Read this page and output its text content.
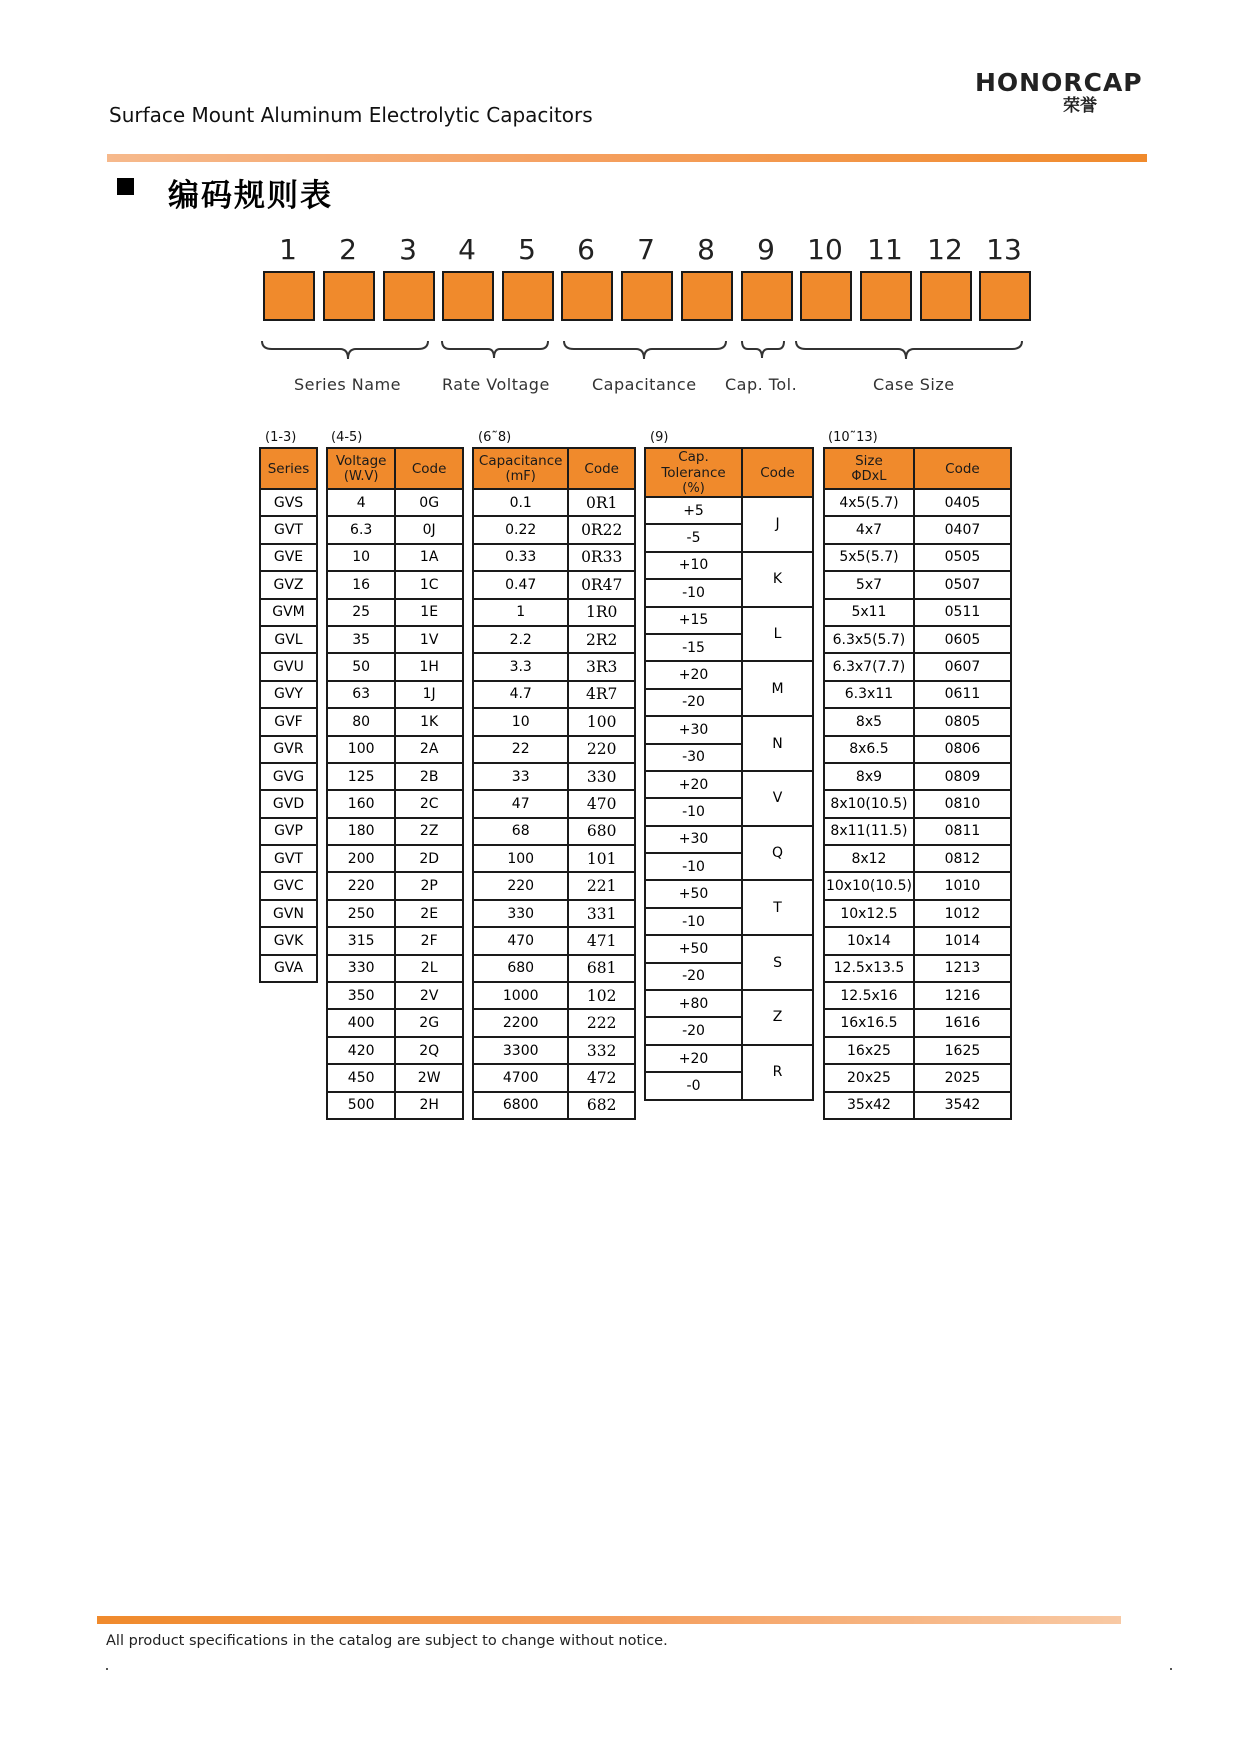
HONORCAP
荣誉
Surface Mount Aluminum Electrolytic Capacitors
编码规则表
1	2	3	4	5	6	7	8	9	10 11 12 13
Series Name	Rate Voltage	Capacitance Cap. Tol.	Case Size
(1-3)	(4-5)	(6˜8)	(9)	(10˜13)
Series
GVS
GVT
GVE
GVZ
GVM
GVL
GVU
GVY
GVF
GVR
GVG
GVD
GVP
GVT
GVC
GVN
GVK
GVA
Voltage
(W.V)	Code
4	0G
6.3	0J
10	1A
16	1C
25	1E
35	1V
50	1H
63	1J
80	1K
100	2A
125	2B
160	2C
180	2Z
200	2D
220	2P
250	2E
315	2F
330	2L
350	2V
400	2G
420	2Q
450	2W
500	2H
Capacitance
(mF)	Code
0.1	0R1
0.22	0R22
0.33	0R33
0.47	0R47
1	1R0
2.2	2R2
3.3	3R3
4.7	4R7
10	100
22	220
33	330
47	470
68	680
100	101
220	221
330	331
470	471
680	681
1000	102
2200	222
3300	332
4700	472
6800	682
Cap. Tolerance
(%)	Code
+5	J
-5	
+10	K
-10	
+15	L
-15	
+20	M
-20	
+30	N
-30	
+20	V
-10	
+30	Q
-10	
+50	T
-10	
+50	S
-20	
+80	Z
-20	
+20	R
-0	
Size
ΦDxL	Code
4x5(5.7)	0405
4x7	0407
5x5(5.7)	0505
5x7	0507
5x11	0511
6.3x5(5.7)	0605
6.3x7(7.7)	0607
6.3x11	0611
8x5	0805
8x6.5	0806
8x9	0809
8x10(10.5)	0810
8x11(11.5)	0811
8x12	0812
10x10(10.5)	1010
10x12.5	1012
10x14	1014
12.5x13.5	1213
12.5x16	1216
16x16.5	1616
16x25	1625
20x25	2025
35x42	3542
All product specifications in the catalog are subject to change without notice.
